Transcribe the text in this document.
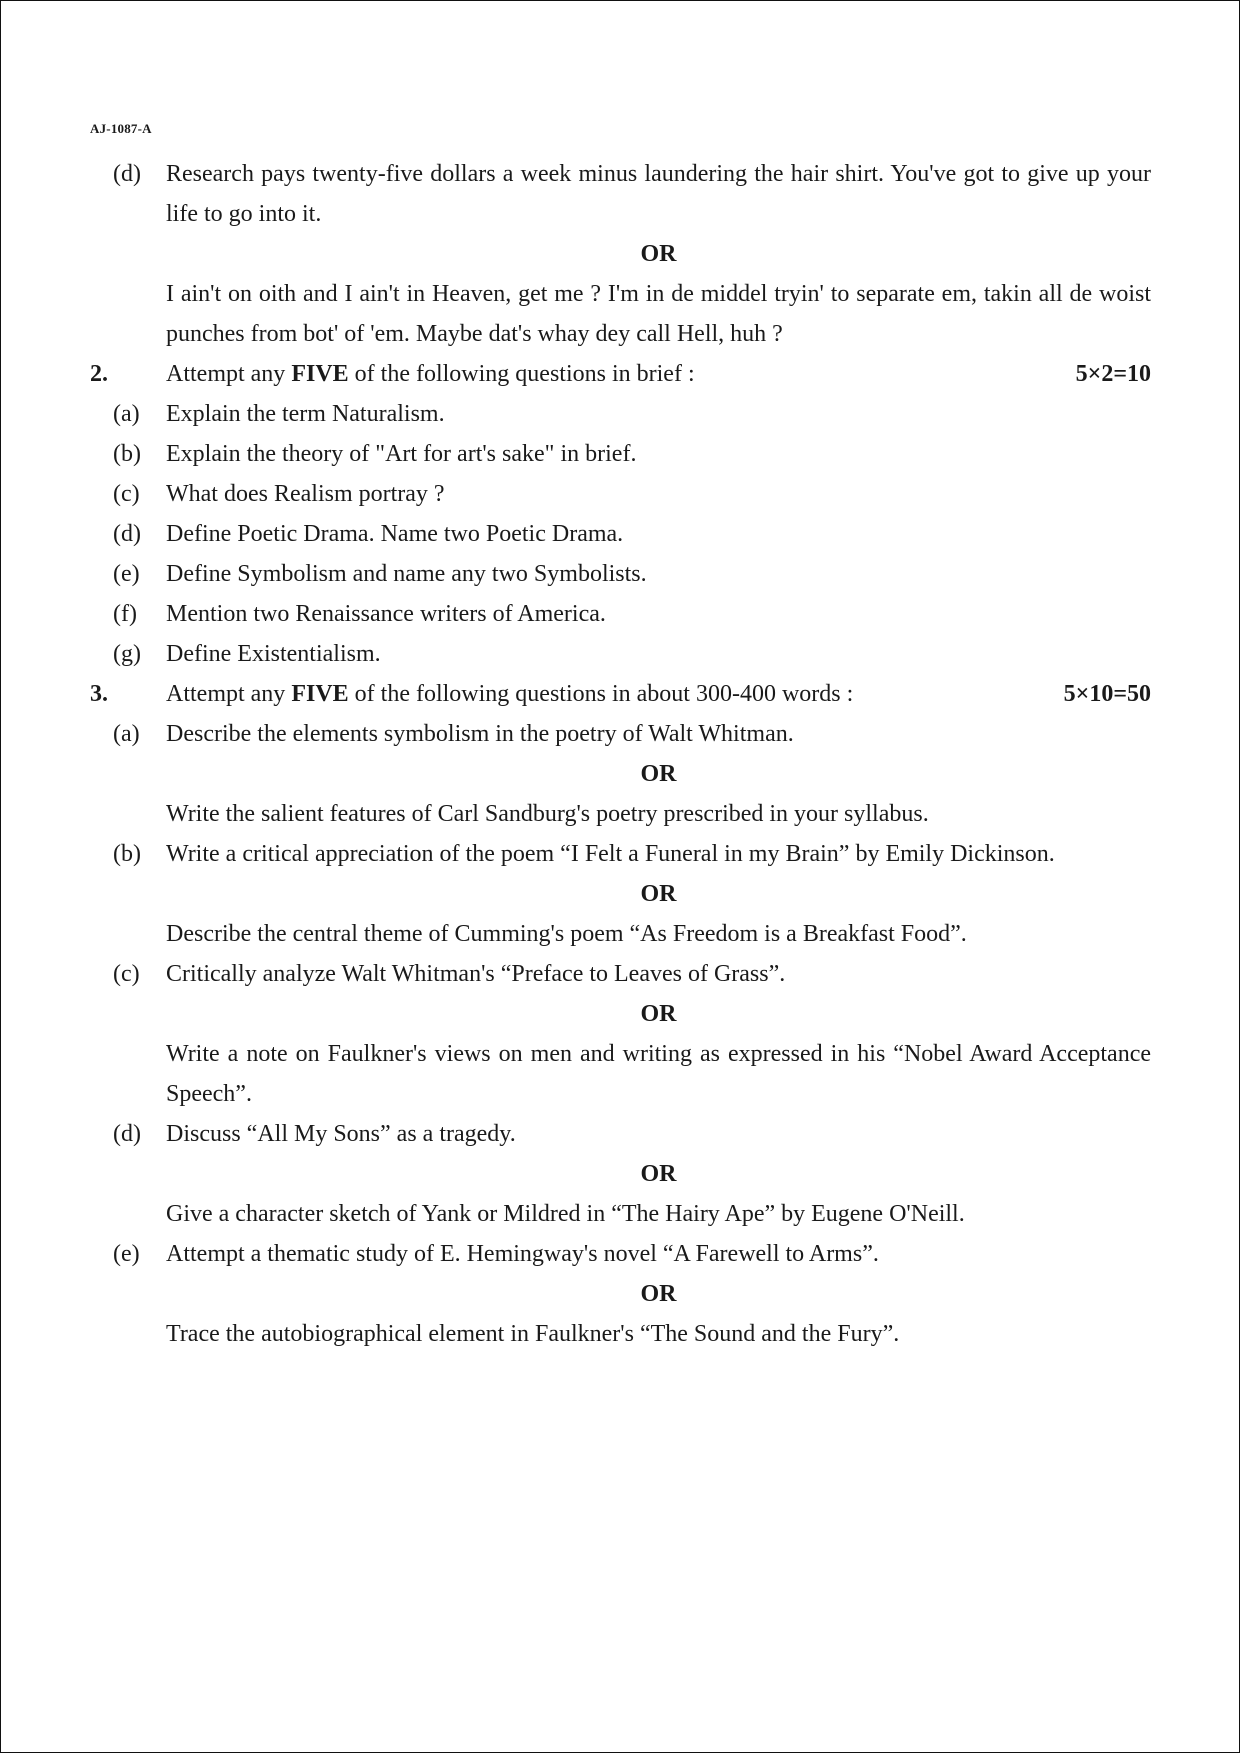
AJ-1087-A
(d)	Research pays twenty-five dollars a week minus laundering the hair shirt. You've got to give up your life to go into it.
OR
I ain't on oith and I ain't in Heaven, get me ? I'm in de middel tryin' to separate em, takin all de woist punches from bot' of 'em. Maybe dat's whay dey call Hell, huh ?
2.	Attempt any FIVE of the following questions in brief :	5×2=10
(a)	Explain the term Naturalism.
(b)	Explain the theory of "Art for art's sake" in brief.
(c)	What does Realism portray ?
(d)	Define Poetic Drama. Name two Poetic Drama.
(e)	Define Symbolism and name any two Symbolists.
(f)	Mention two Renaissance writers of America.
(g)	Define Existentialism.
3.	Attempt any FIVE of the following questions in about 300-400 words :	5×10=50
(a)	Describe the elements symbolism in the poetry of Walt Whitman.
OR
Write the salient features of Carl Sandburg's poetry prescribed in your syllabus.
(b)	Write a critical appreciation of the poem “I Felt a Funeral in my Brain” by Emily Dickinson.
OR
Describe the central theme of Cumming's poem “As Freedom is a Breakfast Food”.
(c)	Critically analyze Walt Whitman's “Preface to Leaves of Grass”.
OR
Write a note on Faulkner's views on men and writing as expressed in his “Nobel Award Acceptance Speech”.
(d)	Discuss “All My Sons” as a tragedy.
OR
Give a character sketch of Yank or Mildred in “The Hairy Ape” by Eugene O'Neill.
(e)	Attempt a thematic study of E. Hemingway's novel “A Farewell to Arms”.
OR
Trace the autobiographical element in Faulkner's “The Sound and the Fury”.
